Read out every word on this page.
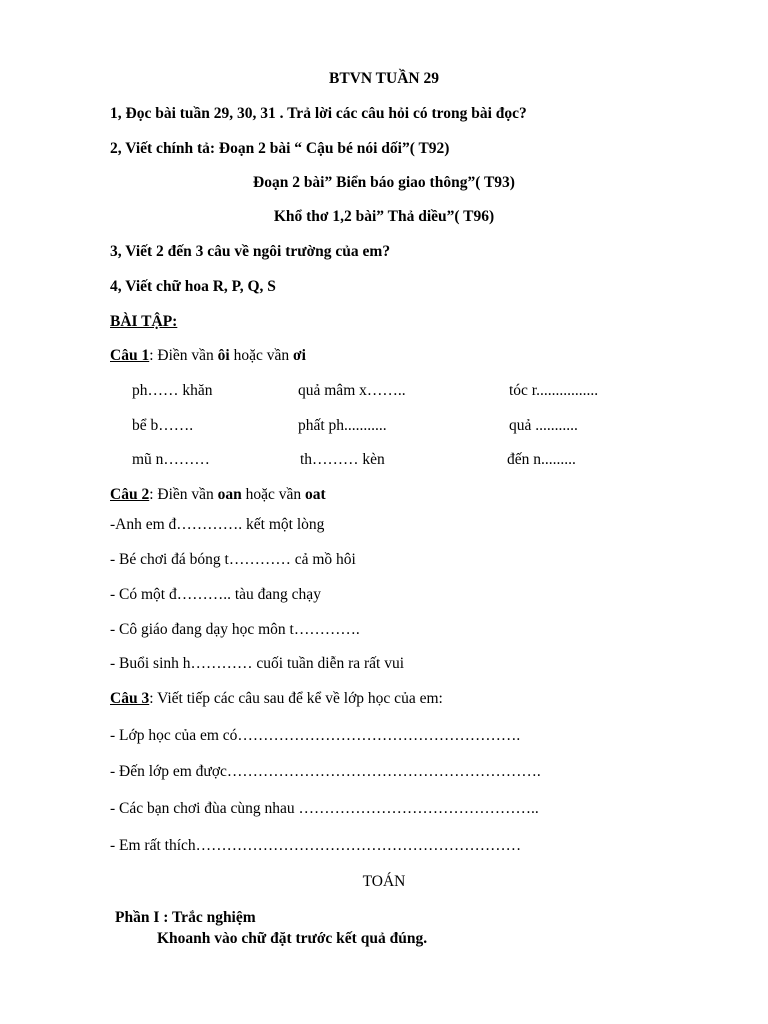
BTVN TUẦN 29
1, Đọc bài tuần 29, 30, 31 . Trả lời các câu hỏi có trong bài đọc?
2, Viết chính tả: Đoạn 2 bài “ Cậu bé nói dối”( T92)
Đoạn 2 bài” Biển báo giao thông”( T93)
Khổ thơ 1,2 bài” Thả diều”( T96)
3, Viết 2 đến 3 câu về ngôi trường của em?
4, Viết chữ hoa R, P, Q, S
BÀI TẬP:
Câu 1: Điền vần ôi hoặc vần ơi
ph…… khăn	quả mâm x……..	tóc r................
bể b…….	phất ph...........	quả ...........
mũ n………	th……… kèn	đến n.........
Câu 2: Điền vần oan hoặc vần oat
-Anh em đ…………. kết một lòng
- Bé chơi đá bóng t………… cả mồ hôi
- Có một đ……….. tàu đang chạy
- Cô giáo đang dạy học môn t………….
- Buổi sinh h………… cuối tuần diễn ra rất vui
Câu 3: Viết tiếp các câu sau để kể về lớp học của em:
- Lớp học của em có……………………………………………….
- Đến lớp em được…………………………………………………….
- Các bạn chơi đùa cùng nhau ………………………………………..
- Em rất thích………………………………………………………
TOÁN
Phần I : Trắc nghiệm
Khoanh vào chữ đặt trước kết quả đúng.
